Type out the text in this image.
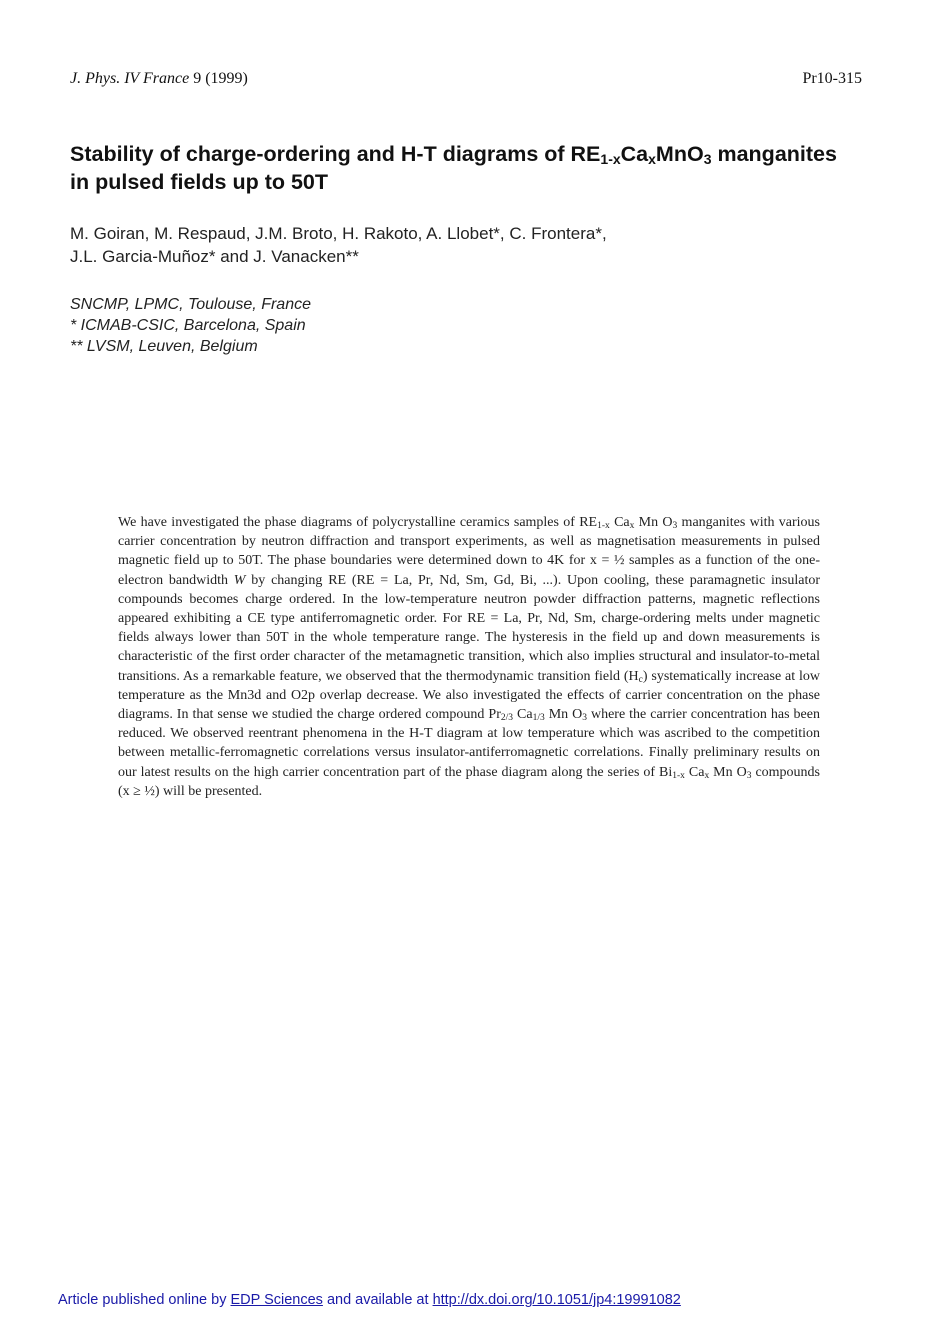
J. Phys. IV France 9 (1999)	Pr10-315
Stability of charge-ordering and H-T diagrams of $RE_{1-x}Ca_xMnO_3$ manganites in pulsed fields up to 50T
M. Goiran, M. Respaud, J.M. Broto, H. Rakoto, A. Llobet*, C. Frontera*,
J.L. Garcia-Muñoz* and J. Vanacken**
SNCMP, LPMC, Toulouse, France
* ICMAB-CSIC, Barcelona, Spain
** LVSM, Leuven, Belgium

We have investigated the phase diagrams of polycrystalline ceramics samples of $RE_{1-x}$ $Ca_x$ Mn $O_3$ manganites with various carrier concentration by neutron diffraction and transport experiments, as well as magnetisation measurements in pulsed magnetic field up to 50T. The phase boundaries were determined down to 4K for x = ½ samples as a function of the one-electron bandwidth W by changing RE (RE = La, Pr, Nd, Sm, Gd, Bi, ...). Upon cooling, these paramagnetic insulator compounds becomes charge ordered. In the low-temperature neutron powder diffraction patterns, magnetic reflections appeared exhibiting a CE type antiferromagnetic order. For RE = La, Pr, Nd, Sm, charge-ordering melts under magnetic fields always lower than 50T in the whole temperature range. The hysteresis in the field up and down measurements is characteristic of the first order character of the metamagnetic transition, which also implies structural and insulator-to-metal transitions. As a remarkable feature, we observed that the thermodynamic transition field $(H_c)$ systematically increase at low temperature as the Mn3d and O2p overlap decrease. We also investigated the effects of carrier concentration on the phase diagrams. In that sense we studied the charge ordered compound $Pr_{2/3}$ $Ca_{1/3}$ Mn $O_3$ where the carrier concentration has been reduced. We observed reentrant phenomena in the H-T diagram at low temperature which was ascribed to the competition between metallic-ferromagnetic correlations versus insulator-antiferromagnetic correlations. Finally preliminary results on our latest results on the high carrier concentration part of the phase diagram along the series of $Bi_{1-x}$ $Ca_x$ Mn $O_3$ compounds (x ≥ ½) will be presented.

Article published online by EDP Sciences and available at http://dx.doi.org/10.1051/jp4:19991082
